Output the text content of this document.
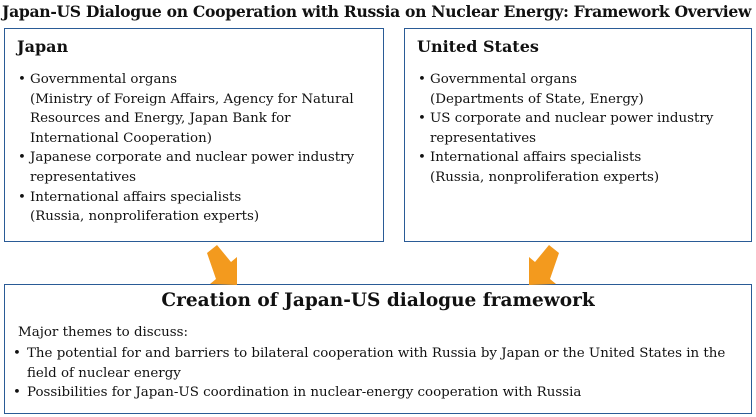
Japan-US Dialogue on Cooperation with Russia on Nuclear Energy: Framework Overview
Japan
• Governmental organs
(Ministry of Foreign Affairs, Agency for Natural Resources and Energy, Japan Bank for International Cooperation)
• Japanese corporate and nuclear power industry representatives
• International affairs specialists
(Russia, nonproliferation experts)
United States
• Governmental organs
(Departments of State, Energy)
• US corporate and nuclear power industry representatives
• International affairs specialists
(Russia, nonproliferation experts)
Creation of Japan-US dialogue framework
Major themes to discuss:
• The potential for and barriers to bilateral cooperation with Russia by Japan or the United States in the field of nuclear energy
• Possibilities for Japan-US coordination in nuclear-energy cooperation with Russia
